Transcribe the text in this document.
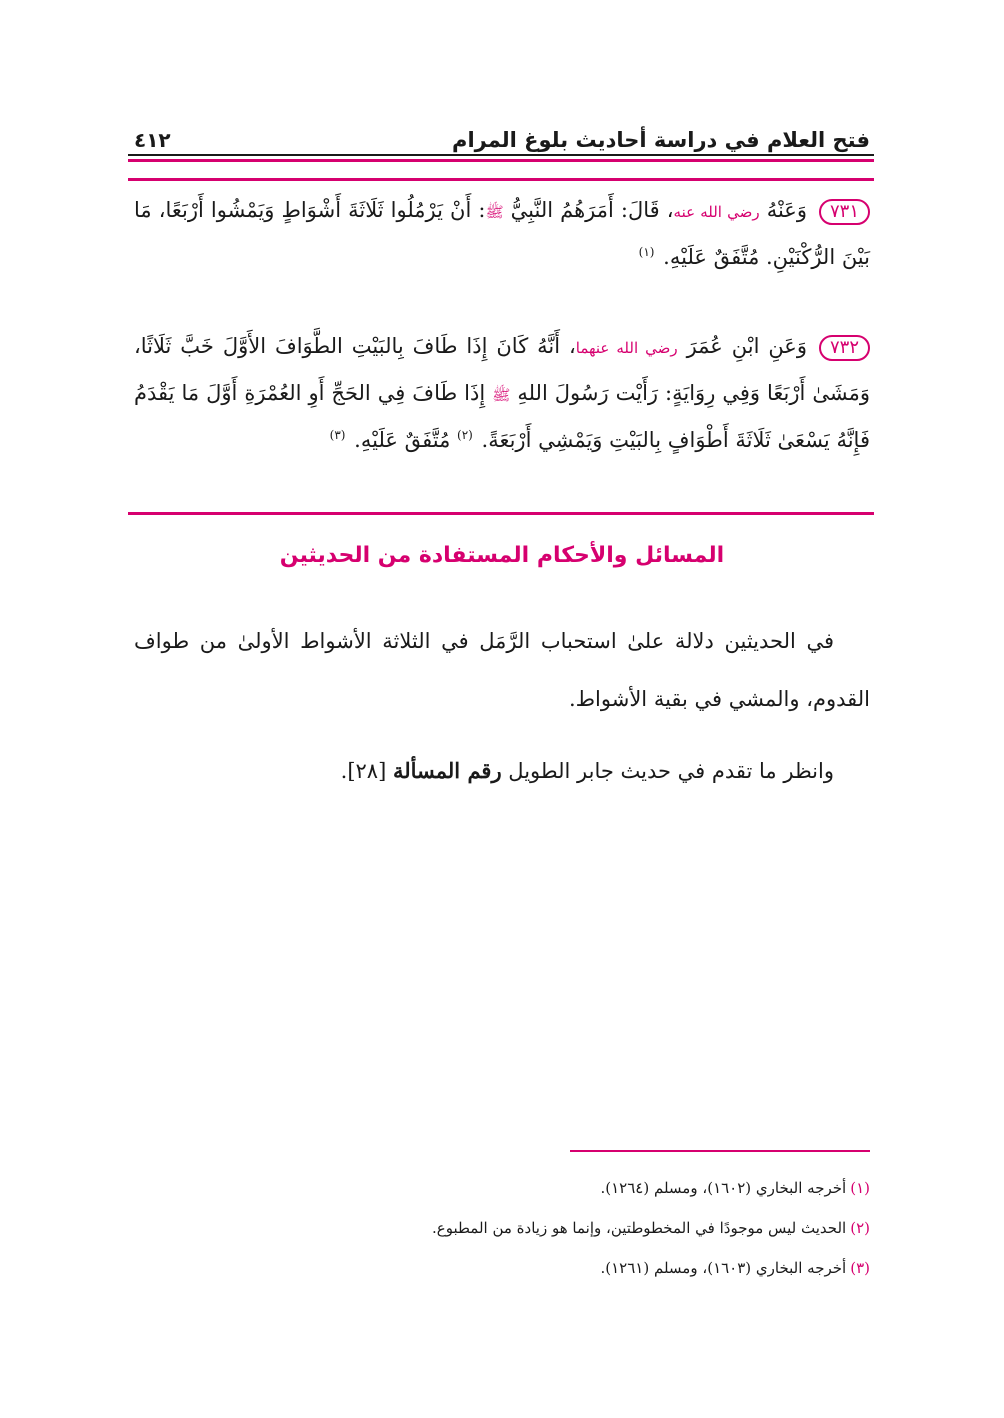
فتح العلام في دراسة أحاديث بلوغ المرام
٤١٢
٧٣١وَعَنْهُ رضي الله عنه، قَالَ: أَمَرَهُمُ النَّبِيُّ ﷺ: أَنْ يَرْمُلُوا ثَلَاثَةَ أَشْوَاطٍ وَيَمْشُوا أَرْبَعًا، مَا بَيْنَ الرُّكْنَيْنِ. مُتَّفَقٌ عَلَيْهِ. $^{(١)}$
٧٣٢وَعَنِ ابْنِ عُمَرَ رضي الله عنهما، أَنَّهُ كَانَ إِذَا طَافَ بِالبَيْتِ الطَّوَافَ الأَوَّلَ خَبَّ ثَلَاثًا، وَمَشَىٰ أَرْبَعًا وَفِي رِوَايَةٍ: رَأَيْت رَسُولَ اللهِ ﷺ إِذَا طَافَ فِي الحَجِّ أَوِ العُمْرَةِ أَوَّلَ مَا يَقْدَمُ فَإِنَّهُ يَسْعَىٰ ثَلَاثَةَ أَطْوَافٍ بِالبَيْتِ وَيَمْشِي أَرْبَعَةً. $^{(٢)}$ مُتَّفَقٌ عَلَيْهِ. $^{(٣)}$
المسائل والأحكام المستفادة من الحديثين
في الحديثين دلالة علىٰ استحباب الرَّمَل في الثلاثة الأشواط الأولىٰ من طواف القدوم، والمشي في بقية الأشواط.
وانظر ما تقدم في حديث جابر الطويل رقم المسألة [٢٨].
(١)أخرجه البخاري (١٦٠٢)، ومسلم (١٢٦٤).
(٢)الحديث ليس موجودًا في المخطوطتين، وإنما هو زيادة من المطبوع.
(٣)أخرجه البخاري (١٦٠٣)، ومسلم (١٢٦١).
